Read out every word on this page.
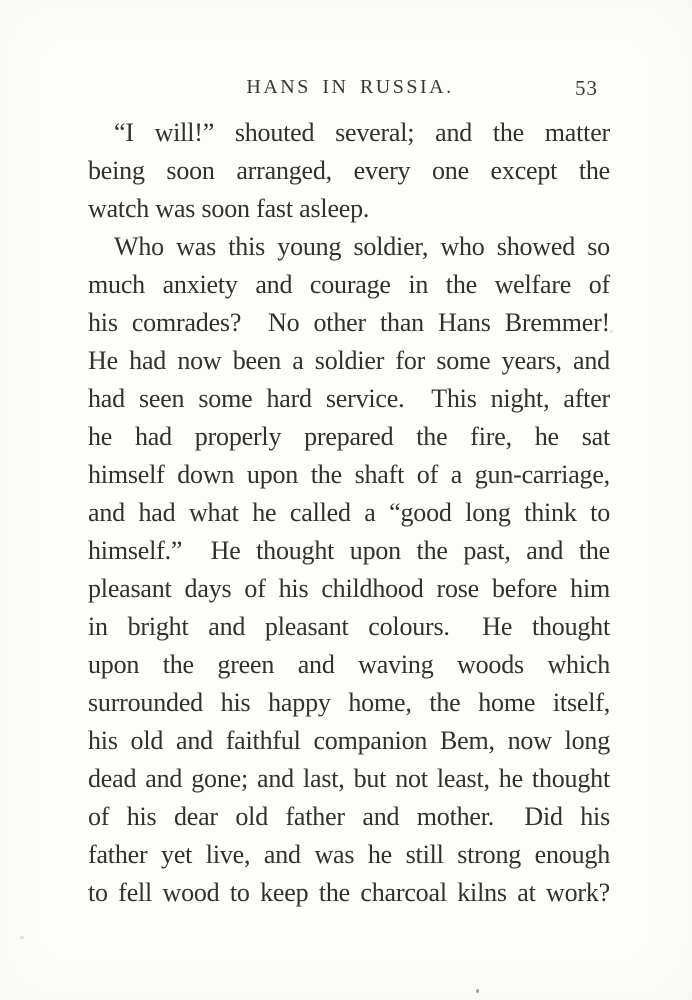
HANS IN RUSSIA.	53

“I will!” shouted several; and the matter
being soon arranged, every one except the
watch was soon fast asleep.

Who was this young soldier, who showed so
much anxiety and courage in the welfare of
his comrades?  No other than Hans Bremmer!
He had now been a soldier for some years, and
had seen some hard service.  This night, after
he had properly prepared the fire, he sat
himself down upon the shaft of a gun-carriage,
and had what he called a “good long think to
himself.”  He thought upon the past, and the
pleasant days of his childhood rose before him
in bright and pleasant colours.  He thought
upon the green and waving woods which
surrounded his happy home, the home itself,
his old and faithful companion Bem, now long
dead and gone; and last, but not least, he thought
of his dear old father and mother.  Did his
father yet live, and was he still strong enough
to fell wood to keep the charcoal kilns at work?
